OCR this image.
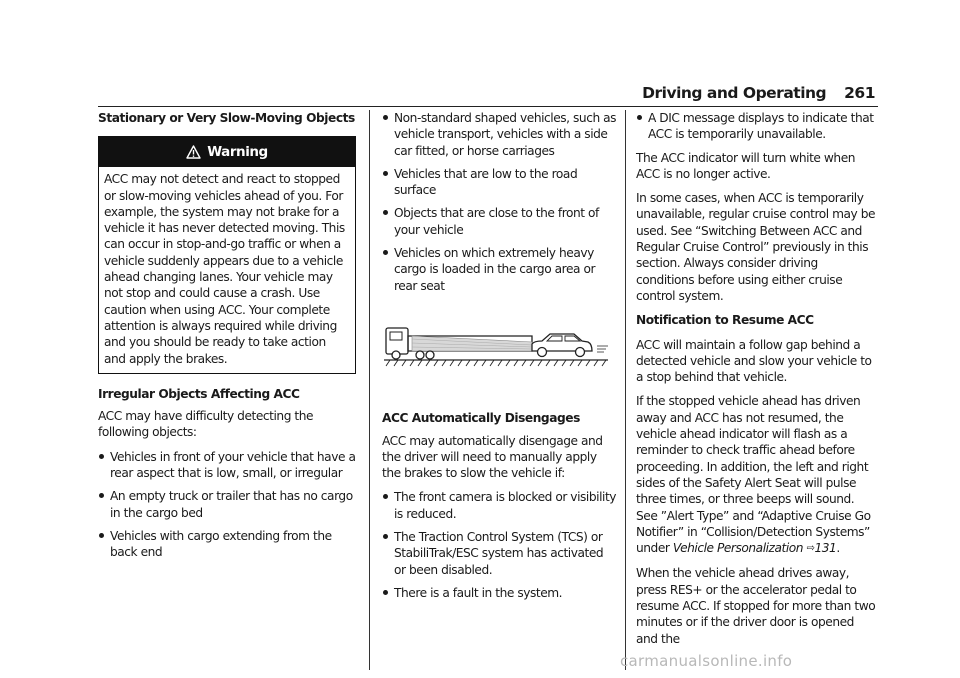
Driving and Operating 261

Stationary or Very Slow-Moving Objects

Warning
ACC may not detect and react to stopped or slow-moving vehicles ahead of you. For example, the system may not brake for a vehicle it has never detected moving. This can occur in stop-and-go traffic or when a vehicle suddenly appears due to a vehicle ahead changing lanes. Your vehicle may not stop and could cause a crash. Use caution when using ACC. Your complete attention is always required while driving and you should be ready to take action and apply the brakes.

Irregular Objects Affecting ACC

ACC may have difficulty detecting the following objects:

Vehicles in front of your vehicle that have a rear aspect that is low, small, or irregular
An empty truck or trailer that has no cargo in the cargo bed
Vehicles with cargo extending from the back end
Non-standard shaped vehicles, such as vehicle transport, vehicles with a side car fitted, or horse carriages
Vehicles that are low to the road surface
Objects that are close to the front of your vehicle
Vehicles on which extremely heavy cargo is loaded in the cargo area or rear seat

ACC Automatically Disengages

ACC may automatically disengage and the driver will need to manually apply the brakes to slow the vehicle if:

The front camera is blocked or visibility is reduced.
The Traction Control System (TCS) or StabiliTrak/ESC system has activated or been disabled.
There is a fault in the system.
A DIC message displays to indicate that ACC is temporarily unavailable.

The ACC indicator will turn white when ACC is no longer active.

In some cases, when ACC is temporarily unavailable, regular cruise control may be used. See “Switching Between ACC and Regular Cruise Control” previously in this section. Always consider driving conditions before using either cruise control system.

Notification to Resume ACC

ACC will maintain a follow gap behind a detected vehicle and slow your vehicle to a stop behind that vehicle.

If the stopped vehicle ahead has driven away and ACC has not resumed, the vehicle ahead indicator will flash as a reminder to check traffic ahead before proceeding. In addition, the left and right sides of the Safety Alert Seat will pulse three times, or three beeps will sound. See ”Alert Type” and “Adaptive Cruise Go Notifier” in “Collision/Detection Systems” under Vehicle Personalization ⇨131.

When the vehicle ahead drives away, press RES+ or the accelerator pedal to resume ACC. If stopped for more than two minutes or if the driver door is opened and the

carmanualsonline.info
